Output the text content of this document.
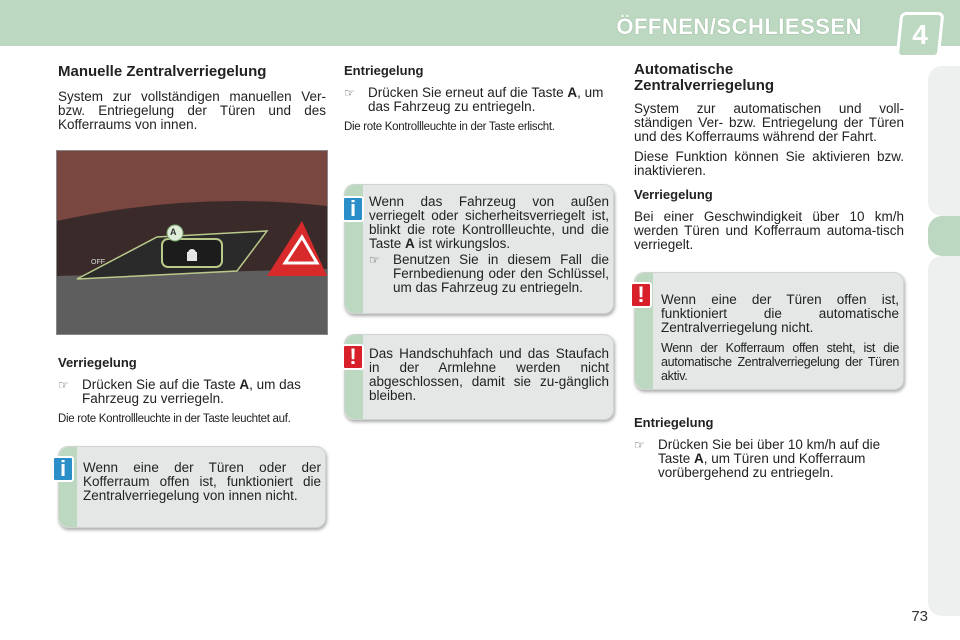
ÖFFNEN/SCHLIESSEN	4
Manuelle Zentralverriegelung

System zur vollständigen manuellen Ver- bzw. Entriegelung der Türen und des Kofferraums von innen.

A
OFF
Verriegelung
☞ Drücken Sie auf die Taste A, um das Fahrzeug zu verriegeln.

Die rote Kontrollleuchte in der Taste leuchtet auf.

Wenn eine der Türen oder der Kofferraum offen ist, funktioniert die Zentralverriegelung von innen nicht.

i
Entriegelung
☞ Drücken Sie erneut auf die Taste A, um das Fahrzeug zu entriegeln.

Die rote Kontrollleuchte in der Taste erlischt.

Wenn das Fahrzeug von außen verriegelt oder sicherheitsverriegelt ist, blinkt die rote Kontrollleuchte, und die Taste A ist wirkungslos.

☞ Benutzen Sie in diesem Fall die Fernbedienung oder den Schlüssel, um das Fahrzeug zu entriegeln.

i

Das Handschuhfach und das Staufach in der Armlehne werden nicht abgeschlossen, damit sie zu-gänglich bleiben.

!
Automatische Zentralverriegelung

System zur automatischen und voll-ständigen Ver- bzw. Entriegelung der Türen und des Kofferraums während der Fahrt.

Diese Funktion können Sie aktivieren bzw. inaktivieren.

Verriegelung

Bei einer Geschwindigkeit über 10 km/h werden Türen und Kofferraum automa-tisch verriegelt.

Wenn eine der Türen offen ist, funktioniert die automatische Zentralverriegelung nicht.

Wenn der Kofferraum offen steht, ist die automatische Zentralverriegelung der Türen aktiv.

!
Entriegelung
☞ Drücken Sie bei über 10 km/h auf die Taste A, um Türen und Kofferraum vorübergehend zu entriegeln.
73
